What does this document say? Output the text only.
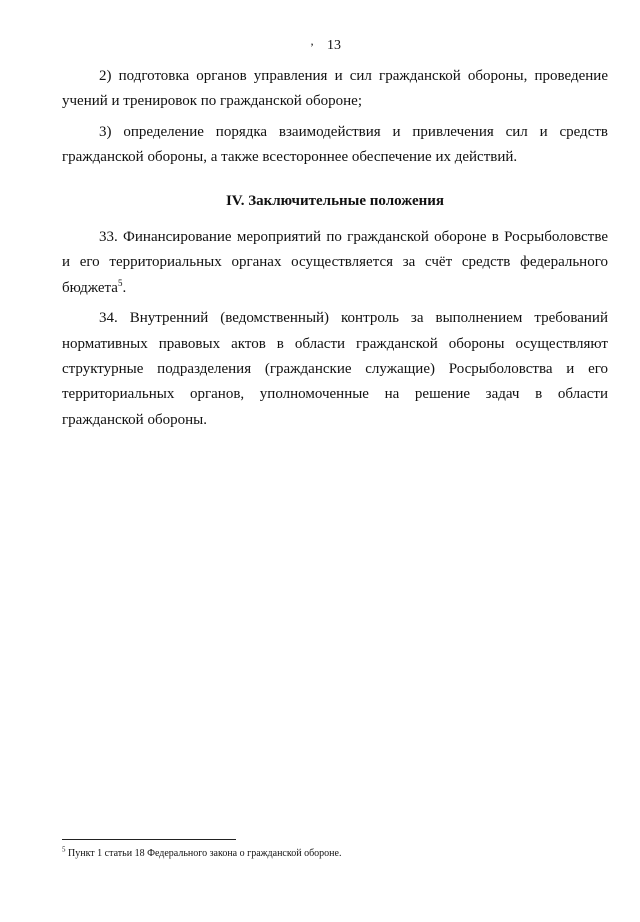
’ 13

2) подготовка органов управления и сил гражданской обороны, проведение учений и тренировок по гражданской обороне;

3) определение порядка взаимодействия и привлечения сил и средств гражданской обороны, а также всестороннее обеспечение их действий.

IV. Заключительные положения

33. Финансирование мероприятий по гражданской обороне в Росрыболовстве и его территориальных органах осуществляется за счёт средств федерального бюджета$^5$.

34. Внутренний (ведомственный) контроль за выполнением требований нормативных правовых актов в области гражданской обороны осуществляют структурные подразделения (гражданские служащие) Росрыболовства и его территориальных органов, уполномоченные на решение задач в области гражданской обороны.

$^5$ Пункт 1 статьи 18 Федерального закона о гражданской обороне.
